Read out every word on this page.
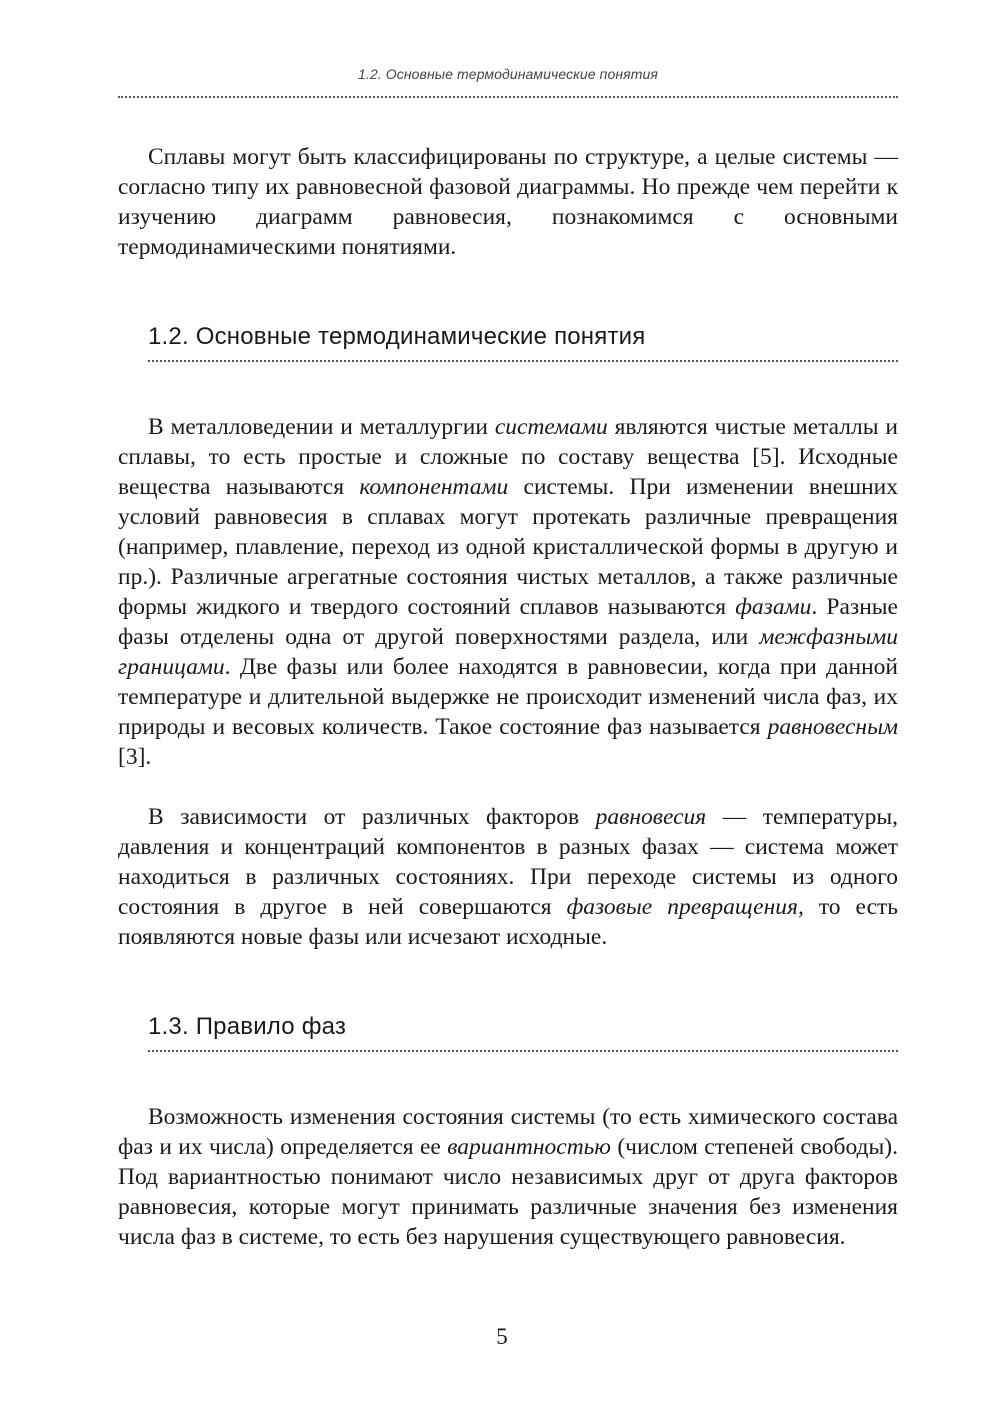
1.2. Основные термодинамические понятия

Сплавы могут быть классифицированы по структуре, а целые системы — согласно типу их равновесной фазовой диаграммы. Но прежде чем перейти к изучению диаграмм равновесия, познакомимся с основными термодинамическими понятиями.

1.2. Основные термодинамические понятия

В металловедении и металлургии системами являются чистые металлы и сплавы, то есть простые и сложные по составу вещества [5]. Исходные вещества называются компонентами системы. При изменении внешних условий равновесия в сплавах могут протекать различные превращения (например, плавление, переход из одной кристаллической формы в другую и пр.). Различные агрегатные состояния чистых металлов, а также различные формы жидкого и твердого состояний сплавов называются фазами. Разные фазы отделены одна от другой поверхностями раздела, или межфазными границами. Две фазы или более находятся в равновесии, когда при данной температуре и длительной выдержке не происходит изменений числа фаз, их природы и весовых количеств. Такое состояние фаз называется равновесным [3].

В зависимости от различных факторов равновесия — температуры, давления и концентраций компонентов в разных фазах — система может находиться в различных состояниях. При переходе системы из одного состояния в другое в ней совершаются фазовые превращения, то есть появляются новые фазы или исчезают исходные.

1.3. Правило фаз

Возможность изменения состояния системы (то есть химического состава фаз и их числа) определяется ее вариантностью (числом степеней свободы). Под вариантностью понимают число независимых друг от друга факторов равновесия, которые могут принимать различные значения без изменения числа фаз в системе, то есть без нарушения существующего равновесия.

5
